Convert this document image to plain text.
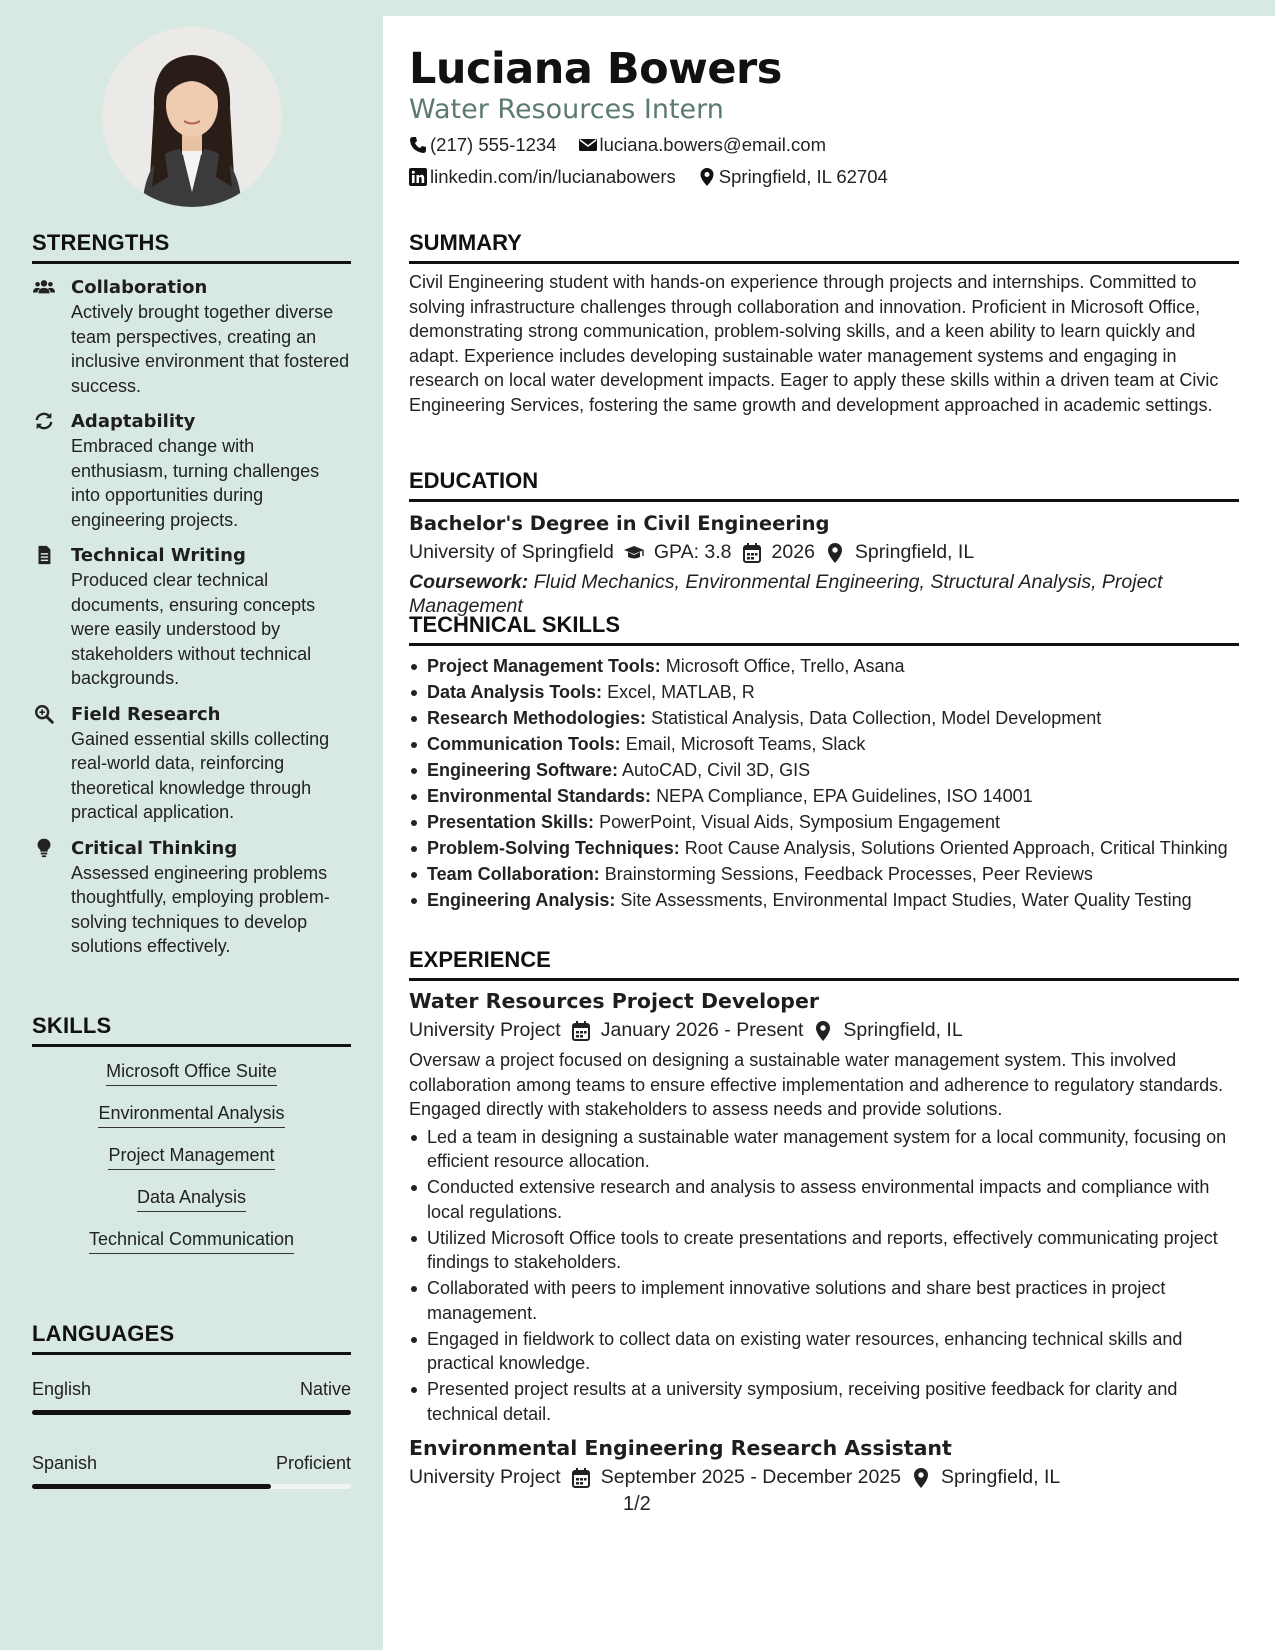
STRENGTHS
Collaboration
Actively brought together diverse team perspectives, creating an inclusive environment that fostered success.
Adaptability
Embraced change with enthusiasm, turning challenges into opportunities during engineering projects.
Technical Writing
Produced clear technical documents, ensuring concepts were easily understood by stakeholders without technical backgrounds.
Field Research
Gained essential skills collecting real-world data, reinforcing theoretical knowledge through practical application.
Critical Thinking
Assessed engineering problems thoughtfully, employing problem-solving techniques to develop solutions effectively.
SKILLS
Microsoft Office Suite
Environmental Analysis
Project Management
Data Analysis
Technical Communication
LANGUAGES
English	Native
Spanish	Proficient
Luciana Bowers
Water Resources Intern
(217) 555-1234 luciana.bowers@email.com
linkedin.com/in/lucianabowers Springfield, IL 62704
SUMMARY

Civil Engineering student with hands-on experience through projects and internships. Committed to solving infrastructure challenges through collaboration and innovation. Proficient in Microsoft Office, demonstrating strong communication, problem-solving skills, and a keen ability to learn quickly and adapt. Experience includes developing sustainable water management systems and engaging in research on local water development impacts. Eager to apply these skills within a driven team at Civic Engineering Services, fostering the same growth and development approached in academic settings.

EDUCATION
Bachelor's Degree in Civil Engineering
University of Springfield GPA: 3.8 2026 Springfield, IL
Coursework: Fluid Mechanics, Environmental Engineering, Structural Analysis, Project Management
TECHNICAL SKILLS
Project Management Tools: Microsoft Office, Trello, Asana
Data Analysis Tools: Excel, MATLAB, R
Research Methodologies: Statistical Analysis, Data Collection, Model Development
Communication Tools: Email, Microsoft Teams, Slack
Engineering Software: AutoCAD, Civil 3D, GIS
Environmental Standards: NEPA Compliance, EPA Guidelines, ISO 14001
Presentation Skills: PowerPoint, Visual Aids, Symposium Engagement
Problem-Solving Techniques: Root Cause Analysis, Solutions Oriented Approach, Critical Thinking
Team Collaboration: Brainstorming Sessions, Feedback Processes, Peer Reviews
Engineering Analysis: Site Assessments, Environmental Impact Studies, Water Quality Testing
EXPERIENCE
Water Resources Project Developer
University Project January 2026 - Present Springfield, IL

Oversaw a project focused on designing a sustainable water management system. This involved collaboration among teams to ensure effective implementation and adherence to regulatory standards. Engaged directly with stakeholders to assess needs and provide solutions.

Led a team in designing a sustainable water management system for a local community, focusing on efficient resource allocation.
Conducted extensive research and analysis to assess environmental impacts and compliance with local regulations.
Utilized Microsoft Office tools to create presentations and reports, effectively communicating project findings to stakeholders.
Collaborated with peers to implement innovative solutions and share best practices in project management.
Engaged in fieldwork to collect data on existing water resources, enhancing technical skills and practical knowledge.
Presented project results at a university symposium, receiving positive feedback for clarity and technical detail.
Environmental Engineering Research Assistant
University Project September 2025 - December 2025 Springfield, IL
1/2
